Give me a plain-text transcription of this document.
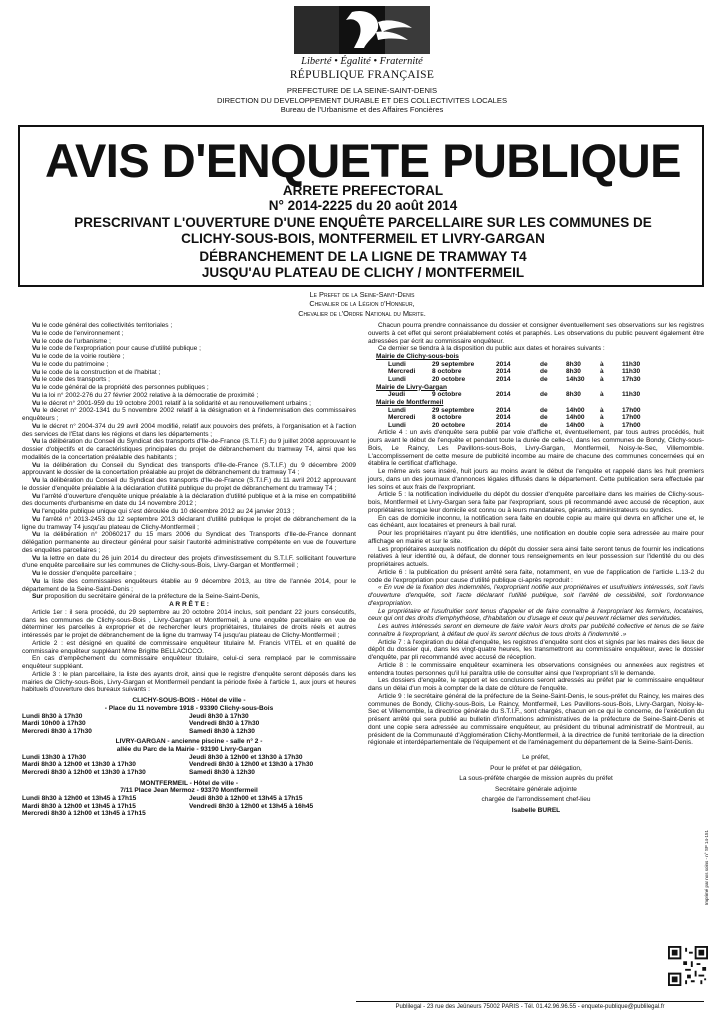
Liberté • Égalité • Fraternité
RÉPUBLIQUE FRANÇAISE
PREFECTURE DE LA SEINE-SAINT-DENIS
DIRECTION DU DEVELOPPEMENT DURABLE ET DES COLLECTIVITES LOCALES
Bureau de l'Urbanisme et des Affaires Foncières
AVIS D'ENQUETE PUBLIQUE
ARRETE PREFECTORAL
N° 2014-2225 du 20 août 2014
PRESCRIVANT L'OUVERTURE D'UNE ENQUÊTE PARCELLAIRE SUR LES COMMUNES DE
CLICHY-SOUS-BOIS, MONTFERMEIL ET LIVRY-GARGAN
DÉBRANCHEMENT DE LA LIGNE DE TRAMWAY T4
JUSQU'AU PLATEAU DE CLICHY / MONTFERMEIL
Le Prefet de la Seine-Saint-Denis
Chevalier de la Légion d'Honneur,
Chevalier de l'Ordre National du Merite.

Vu le code général des collectivités territoriales ;

Vu le code de l'environnement ;

Vu le code de l'urbanisme ;

Vu le code de l'expropriation pour cause d'utilité publique ;

Vu le code de la voirie routière ;

Vu le code du patrimoine ;

Vu le code de la construction et de l'habitat ;

Vu le code des transports ;

Vu le code général de la propriété des personnes publiques ;

Vu la loi n° 2002-276 du 27 février 2002 relative à la démocratie de proximité ;

Vu le décret n° 2001-959 du 19 octobre 2001 relatif à la solidarité et au renouvellement urbains ;

Vu le décret n° 2002-1341 du 5 novembre 2002 relatif à la désignation et à l'indemnisation des commissaires enquêteurs ;

Vu le décret n° 2004-374 du 29 avril 2004 modifié, relatif aux pouvoirs des préfets, à l'organisation et à l'action des services de l'Etat dans les régions et dans les départements ;

Vu la délibération du Conseil du Syndicat des transports d'Ile-de-France (S.T.I.F.) du 9 juillet 2008 approuvant le dossier d'objectifs et de caractéristiques principales du projet de débranchement du tramway T4, ainsi que les modalités de la concertation préalable des habitants ;

Vu la délibération du Conseil du Syndicat des transports d'Ile-de-France (S.T.I.F.) du 9 décembre 2009 approuvant le dossier de la concertation préalable au projet de débranchement du tramway T4 ;

Vu la délibération du Conseil du Syndicat des transports d'Ile-de-France (S.T.I.F.) du 11 avril 2012 approuvant le dossier d'enquête préalable à la déclaration d'utilité publique du projet de débranchement du tramway T4 ;

Vu l'arrêté d'ouverture d'enquête unique préalable à la déclaration d'utilité publique et à la mise en compatibilité des documents d'urbanisme en date du 14 novembre 2012 ;

Vu l'enquête publique unique qui s'est déroulée du 10 décembre 2012 au 24 janvier 2013 ;

Vu l'arrêté n° 2013-2453 du 12 septembre 2013 déclarant d'utilité publique le projet de débranchement de la ligne du tramway T4 jusqu'au plateau de Clichy-Montfermeil ;

Vu la délibération n° 20060217 du 15 mars 2006 du Syndicat des Transports d'Ile-de-France donnant délégation permanente au directeur général pour saisir l'autorité administrative compétente en vue de l'ouverture des enquêtes parcellaires ;

Vu la lettre en date du 26 juin 2014 du directeur des projets d'investissement du S.T.I.F. sollicitant l'ouverture d'une enquête parcellaire sur les communes de Clichy-sous-Bois, Livry-Gargan et Montfermeil ;

Vu le dossier d'enquête parcellaire ;

Vu la liste des commissaires enquêteurs établie au 9 décembre 2013, au titre de l'année 2014, pour le département de la Seine-Saint-Denis ;

Sur proposition du secrétaire général de la préfecture de la Seine-Saint-Denis,

A R R Ê T E :

Article 1er : il sera procédé, du 29 septembre au 20 octobre 2014 inclus, soit pendant 22 jours consécutifs, dans les communes de Clichy-sous-Bois , Livry-Gargan et Montfermeil, à une enquête parcellaire en vue de déterminer les parcelles à exproprier et de rechercher leurs propriétaires, titulaires de droits réels et autres intéressés par le projet de débranchement de la ligne du tramway T4 jusqu'au plateau de Clichy-Montfermeil ;

Article 2 : est désigné en qualité de commissaire enquêteur titulaire M. Francis VITEL et en qualité de commissaire enquêteur suppléant Mme Brigitte BELLACICCO.

En cas d'empêchement du commissaire enquêteur titulaire, celui-ci sera remplacé par le commissaire enquêteur suppléant.

Article 3 : le plan parcellaire, la liste des ayants droit, ainsi que le registre d'enquête seront déposés dans les mairies de Clichy-sous-Bois, Livry-Gargan et Montfermeil pendant la période fixée à l'article 1, aux jours et heures habituels d'ouverture des bureaux suivants :

CLICHY-SOUS-BOIS - Hôtel de ville -
- Place du 11 novembre 1918 - 93390 Clichy-sous-Bois
Lundi 8h30 à 17h30	Jeudi 8h30 à 17h30
Mardi 10h00 à 17h30	Vendredi 8h30 à 17h30
Mercredi 8h30 à 17h30	Samedi 8h30 à 12h30
LIVRY-GARGAN - ancienne piscine - salle n° 2 -
allée du Parc de la Mairie - 93190 Livry-Gargan
Lundi 13h30 à 17h30	Jeudi 8h30 à 12h00 et 13h30 à 17h30
Mardi 8h30 à 12h00 et 13h30 à 17h30	Vendredi 8h30 à 12h00 et 13h30 à 17h30
Mercredi 8h30 à 12h00 et 13h30 à 17h30	Samedi 8h30 à 12h30
MONTFERMEIL - Hôtel de ville -
7/11 Place Jean Mermoz - 93370 Montfermeil
Lundi 8h30 à 12h00 et 13h45 à 17h15	Jeudi 8h30 à 12h00 et 13h45 à 17h15
Mardi 8h30 à 12h00 et 13h45 à 17h15	Vendredi 8h30 à 12h00 et 13h45 à 16h45
Mercredi 8h30 à 12h00 et 13h45 à 17h15	

Chacun pourra prendre connaissance du dossier et consigner éventuellement ses observations sur les registres ouverts à cet effet qui seront préalablement cotés et paraphés. Les observations du public peuvent également être adressées par écrit au commissaire enquêteur.

Ce dernier se tiendra à la disposition du public aux dates et horaires suivants :

Mairie de Clichy-sous-bois
Lundi	29 septembre	2014	de	8h30	à	11h30
Mercredi	8 octobre	2014	de	8h30	à	11h30
Lundi	20 octobre	2014	de	14h30	à	17h30
Mairie de Livry-Gargan
Jeudi	9 octobre	2014	de	8h30	à	11h30
Mairie de Montfermeil
Lundi	29 septembre	2014	de	14h00	à	17h00
Mercredi	8 octobre	2014	de	14h00	à	17h00
Lundi	20 octobre	2014	de	14h00	à	17h00

Article 4 : un avis d'enquête sera publié par voie d'affiche et, éventuellement, par tous autres procédés, huit jours avant le début de l'enquête et pendant toute la durée de celle-ci, dans les communes de Bondy, Clichy-sous-Bois, Le Raincy, Les Pavillons-sous-Bois, Livry-Gargan, Montfermeil, Noisy-le-Sec, Villemomble. L'accomplissement de cette mesure de publicité incombe au maire de chacune des communes concernées qui en établira le certificat d'affichage.

Le même avis sera inséré, huit jours au moins avant le début de l'enquête et rappelé dans les huit premiers jours, dans un des journaux d'annonces légales diffusés dans le département. Cette publication sera effectuée par les soins et aux frais de l'expropriant.

Article 5 : la notification individuelle du dépôt du dossier d'enquête parcellaire dans les mairies de Clichy-sous-bois, Montfermeil et Livry-Gargan sera faite par l'expropriant, sous pli recommandé avec accusé de réception, aux propriétaires lorsque leur domicile est connu ou à leurs mandataires, gérants, administrateurs ou syndics.

En cas de domicile inconnu, la notification sera faite en double copie au maire qui devra en afficher une et, le cas échéant, aux locataires et preneurs à bail rural.

Pour les propriétaires n'ayant pu être identifiés, une notification en double copie sera adressée au maire pour affichage en mairie et sur le site.

Les propriétaires auxquels notification du dépôt du dossier sera ainsi faite seront tenus de fournir les indications relatives à leur identité ou, à défaut, de donner tous renseignements en leur possession sur l'identité du ou des propriétaires actuels.

Article 6 : la publication du présent arrêté sera faite, notamment, en vue de l'application de l'article L.13-2 du code de l'expropriation pour cause d'utilité publique ci-après reproduit :

« En vue de la fixation des indemnités, l'expropriant notifie aux propriétaires et usufruitiers intéressés, soit l'avis d'ouverture d'enquête, soit l'acte déclarant l'utilité publique, soit l'arrêté de cessibilité, soit l'ordonnance d'expropriation.

Le propriétaire et l'usufruitier sont tenus d'appeler et de faire connaître à l'expropriant les fermiers, locataires, ceux qui ont des droits d'emphythéose, d'habitation ou d'usage et ceux qui peuvent réclamer des servitudes.

Les autres intéressés seront en demeure de faire valoir leurs droits par publicité collective et tenus de se faire connaître à l'expropriant, à défaut de quoi ils seront déchus de tous droits à l'indemnité .»

Article 7 : à l'expiration du délai d'enquête, les registres d'enquête sont clos et signés par les maires des lieux de dépôt du dossier qui, dans les vingt-quatre heures, les transmettront au commissaire enquêteur, avec le dossier d'enquête, par pli recommandé avec accusé de réception.

Article 8 : le commissaire enquêteur examinera les observations consignées ou annexées aux registres et entendra toutes personnes qu'il lui paraîtra utile de consulter ainsi que l'expropriant s'il le demande.

Les dossiers d'enquête, le rapport et les conclusions seront adressés au préfet par le commissaire enquêteur dans un délai d'un mois à compter de la date de clôture de l'enquête.

Article 9 : le secrétaire général de la préfecture de la Seine-Saint-Denis, le sous-préfet du Raincy, les maires des communes de Bondy, Clichy-sous-Bois, Le Raincy, Montfermeil, Les Pavillons-sous-Bois, Livry-Gargan, Noisy-le-Sec et Villemomble, la directrice générale du S.T.I.F., sont chargés, chacun en ce qui le concerne, de l'exécution du présent arrêté qui sera publié au bulletin d'informations administratives de la préfecture de Seine-Saint-Denis et dont une copie sera adressée au commissaire enquêteur, au président du tribunal administratif de Montreuil, au président de la Communauté d'Agglomération Clichy-Montfermeil, à la directrice de l'unité territoriale de la direction régionale et interdépartementale de l'équipement et de l'aménagement du département de la Seine-Saint-Denis.

Le préfet,
Pour le préfet et par délégation,
La sous-préfète chargée de mission auprès du préfet
Secrétaire générale adjointe
chargée de l'arrondissement chef-lieu
Isabelle BUREL
Imprimé par nos soins - n° SP 14-151
Publilegal - 23 rue des Jeûneurs 75002 PARIS - Tél. 01.42.96.96.55 - enquete-publique@publilegal.fr
